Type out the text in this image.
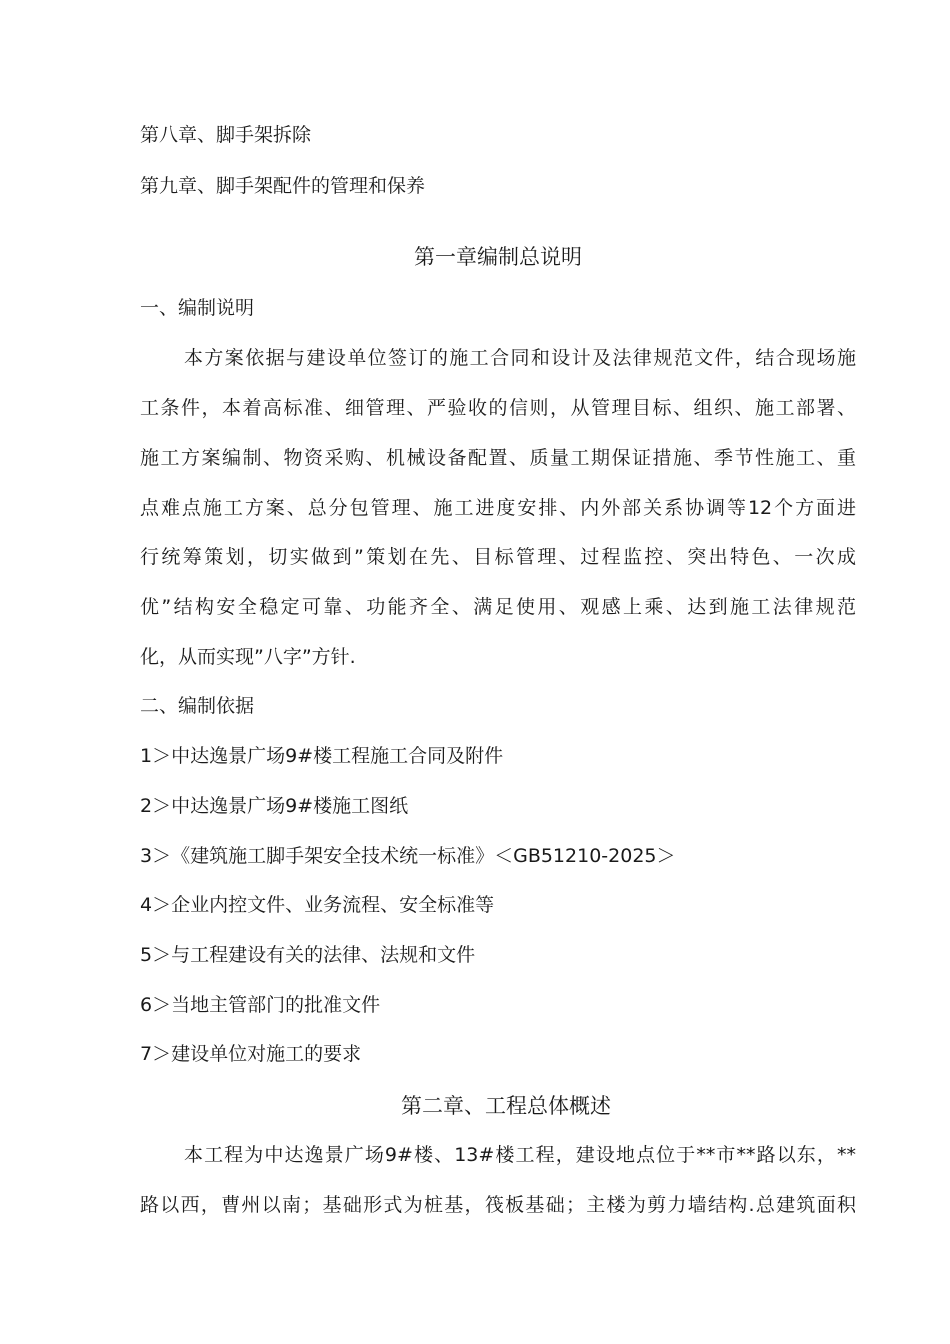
第八章、脚手架拆除
第九章、脚手架配件的管理和保养
第一章编制总说明
一、编制说明
本方案依据与建设单位签订的施工合同和设计及法律规范文件，结合现场施
工条件，本着高标准、细管理、严验收的信则，从管理目标、组织、施工部署、
施工方案编制、物资采购、机械设备配置、质量工期保证措施、季节性施工、重
点难点施工方案、总分包管理、施工进度安排、内外部关系协调等12个方面进
行统筹策划，切实做到”策划在先、目标管理、过程监控、突出特色、一次成
优”结构安全稳定可靠、功能齐全、满足使用、观感上乘、达到施工法律规范
化，从而实现”八字”方针.
二、编制依据
1＞中达逸景广场9#楼工程施工合同及附件
2＞中达逸景广场9#楼施工图纸
3＞《建筑施工脚手架安全技术统一标准》＜GB51210-2025＞
4＞企业内控文件、业务流程、安全标准等
5＞与工程建设有关的法律、法规和文件
6＞当地主管部门的批准文件
7＞建设单位对施工的要求
第二章、工程总体概述
本工程为中达逸景广场9#楼、13#楼工程，建设地点位于**市**路以东，**
路以西，曹州以南；基础形式为桩基，筏板基础；主楼为剪力墙结构.总建筑面积
